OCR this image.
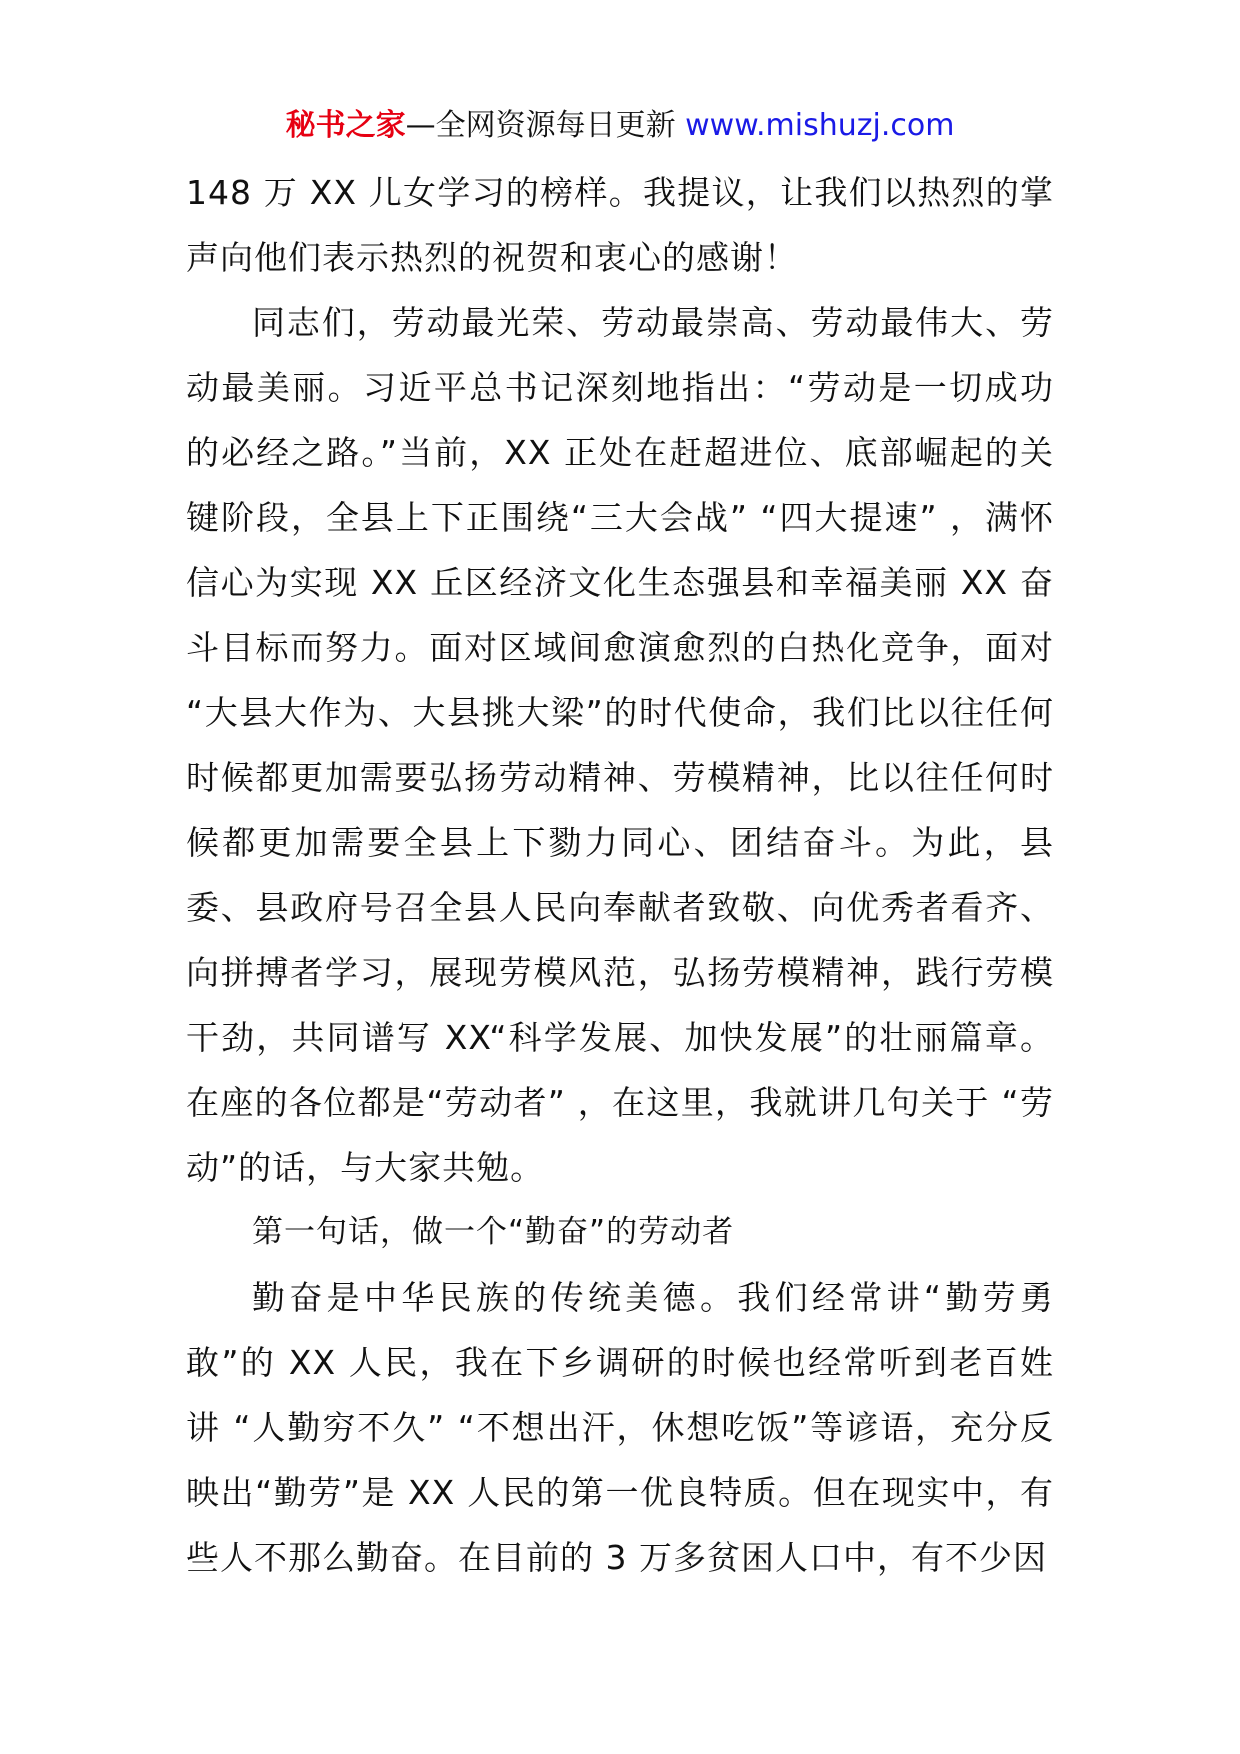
秘书之家—全网资源每日更新 www.mishuzj.com

148 万 XX 儿女学习的榜样。我提议，让我们以热烈的掌声向他们表示热烈的祝贺和衷心的感谢！

同志们，劳动最光荣、劳动最崇高、劳动最伟大、劳动最美丽。习近平总书记深刻地指出：“劳动是一切成功的必经之路。”当前，XX 正处在赶超进位、底部崛起的关键阶段，全县上下正围绕“三大会战” “四大提速” ，满怀信心为实现 XX 丘区经济文化生态强县和幸福美丽 XX 奋斗目标而努力。面对区域间愈演愈烈的白热化竞争，面对 “大县大作为、大县挑大梁”的时代使命，我们比以往任何时候都更加需要弘扬劳动精神、劳模精神，比以往任何时候都更加需要全县上下勠力同心、团结奋斗。为此，县委、县政府号召全县人民向奉献者致敬、向优秀者看齐、向拼搏者学习，展现劳模风范，弘扬劳模精神，践行劳模干劲，共同谱写 XX“科学发展、加快发展”的壮丽篇章。在座的各位都是“劳动者” ，在这里，我就讲几句关于 “劳动”的话，与大家共勉。

第一句话，做一个“勤奋”的劳动者

勤奋是中华民族的传统美德。我们经常讲“勤劳勇敢”的 XX 人民，我在下乡调研的时候也经常听到老百姓讲 “人勤穷不久” “不想出汗，休想吃饭”等谚语，充分反映出“勤劳”是 XX 人民的第一优良特质。但在现实中，有些人不那么勤奋。在目前的 3 万多贫困人口中，有不少因
